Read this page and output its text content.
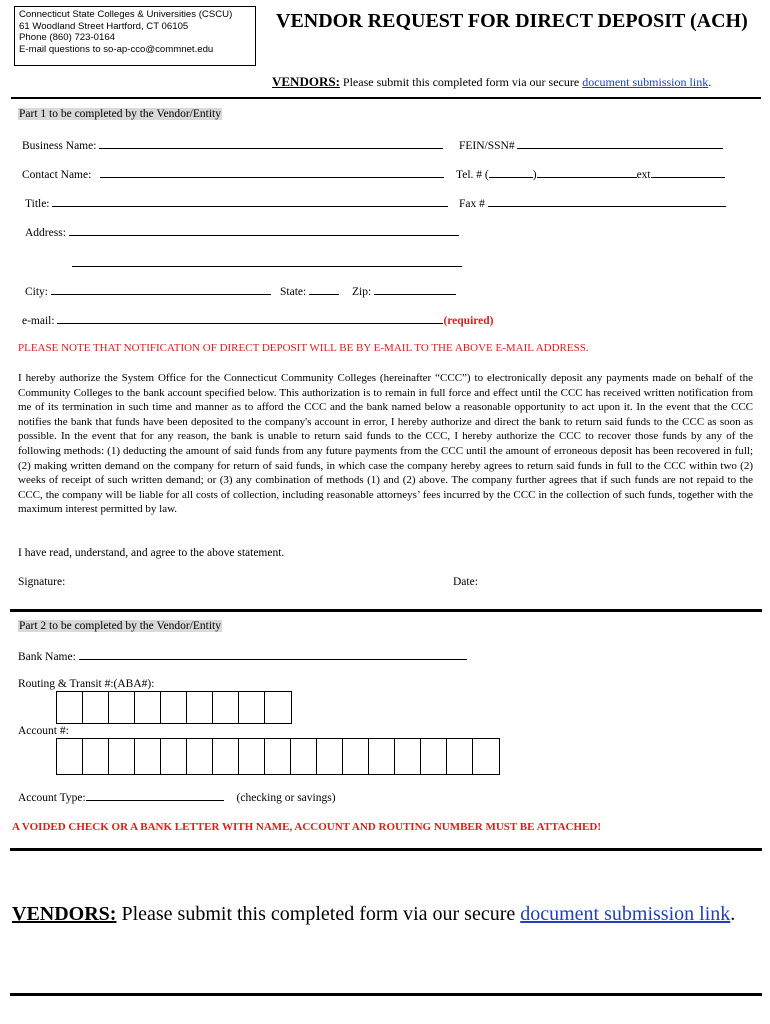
Connecticut State Colleges & Universities (CSCU)
61 Woodland Street Hartford, CT 06105
Phone (860) 723-0164
E-mail questions to so-ap-cco@commnet.edu
VENDOR REQUEST FOR DIRECT DEPOSIT (ACH)
VENDORS: Please submit this completed form via our secure document submission link.
Part 1 to be completed by the Vendor/Entity
Business Name:	FEIN/SSN#
Contact Name:	Tel. # (	)	ext
Title:	Fax #
Address:
City:	State:	Zip:
e-mail:	(required)
PLEASE NOTE THAT NOTIFICATION OF DIRECT DEPOSIT WILL BE BY E-MAIL TO THE ABOVE E-MAIL ADDRESS.
I hereby authorize the System Office for the Connecticut Community Colleges (hereinafter “CCC”) to electronically deposit any payments made on behalf of the Community Colleges to the bank account specified below. This authorization is to remain in full force and effect until the CCC has received written notification from me of its termination in such time and manner as to afford the CCC and the bank named below a reasonable opportunity to act upon it. In the event that the CCC notifies the bank that funds have been deposited to the company's account in error, I hereby authorize and direct the bank to return said funds to the CCC as soon as possible. In the event that for any reason, the bank is unable to return said funds to the CCC, I hereby authorize the CCC to recover those funds by any of the following methods: (1) deducting the amount of said funds from any future payments from the CCC until the amount of erroneous deposit has been recovered in full; (2) making written demand on the company for return of said funds, in which case the company hereby agrees to return said funds in full to the CCC within two (2) weeks of receipt of such written demand; or (3) any combination of methods (1) and (2) above. The company further agrees that if such funds are not repaid to the CCC, the company will be liable for all costs of collection, including reasonable attorneys’ fees incurred by the CCC in the collection of such funds, together with the maximum interest permitted by law.
I have read, understand, and agree to the above statement.
Signature:	Date:
Part 2 to be completed by the Vendor/Entity
Bank Name:
Routing & Transit #:(ABA#):
Account #:
Account Type:	(checking or savings)
A VOIDED CHECK OR A BANK LETTER WITH NAME, ACCOUNT AND ROUTING NUMBER MUST BE ATTACHED!
VENDORS: Please submit this completed form via our secure document submission link.
